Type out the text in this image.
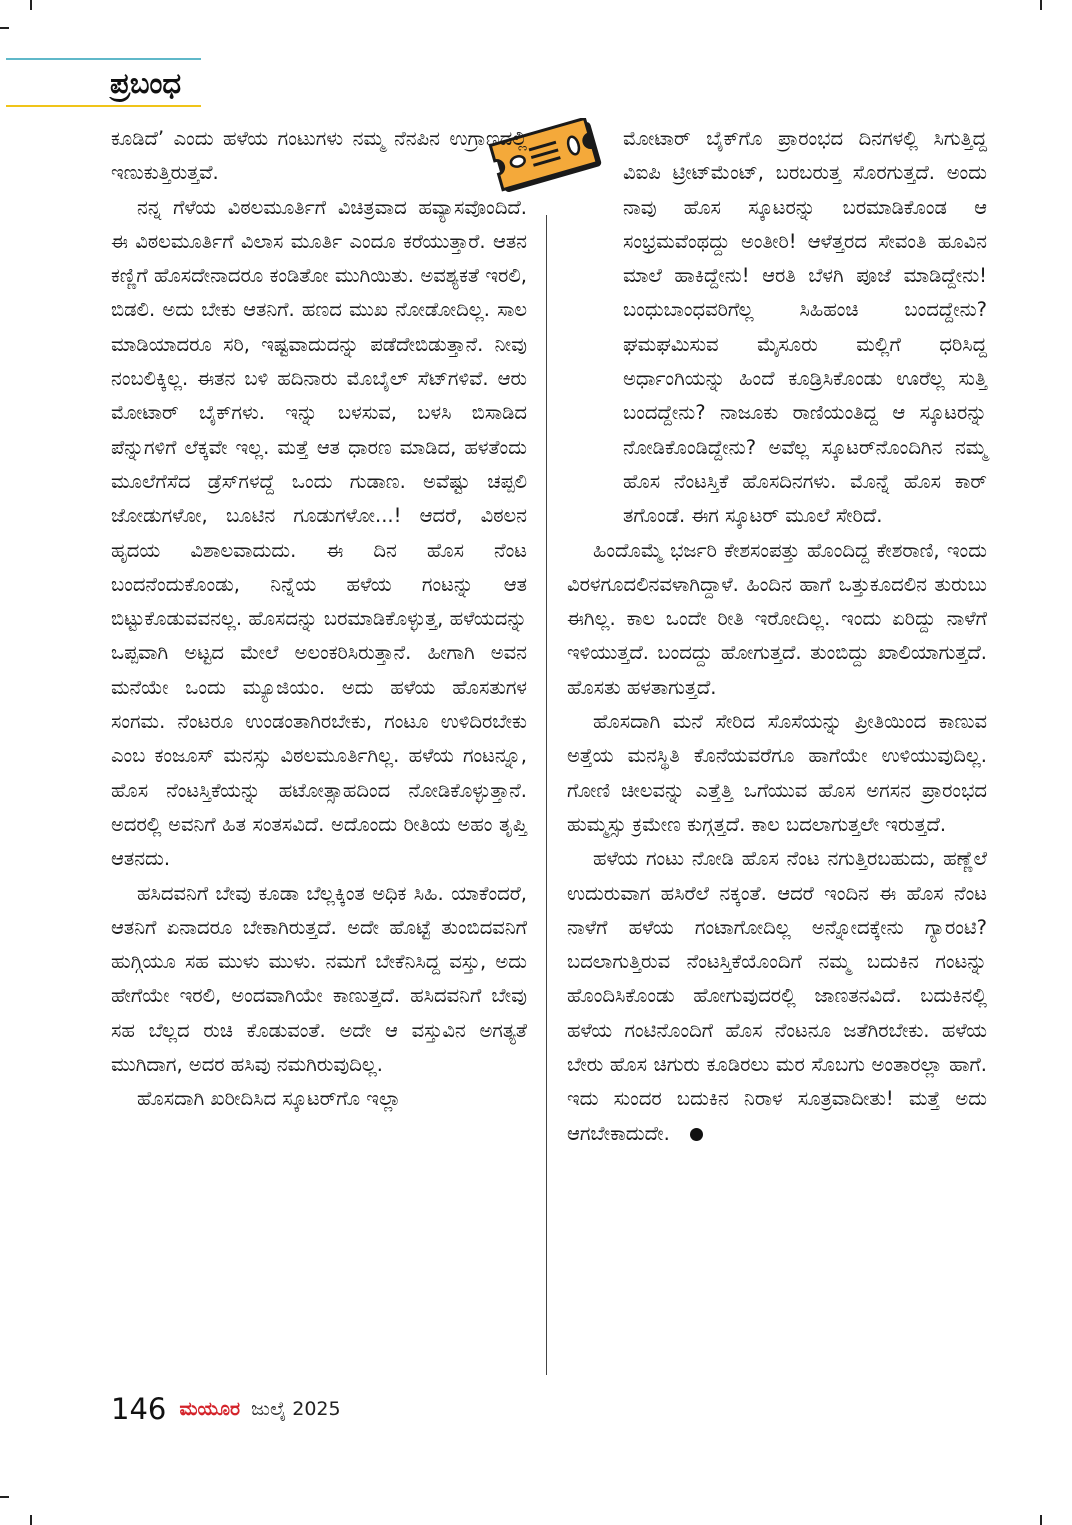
ಪ್ರಬಂಧ

ಕೂಡಿದೆ’ ಎಂದು ಹಳೆಯ ಗಂಟುಗಳು ನಮ್ಮ ನೆನಪಿನ ಉಗ್ರಾಣದಲ್ಲಿ ಇಣುಕುತ್ತಿರುತ್ತವೆ.

ನನ್ನ ಗೆಳೆಯ ವಿಠಲಮೂರ್ತಿಗೆ ವಿಚಿತ್ರವಾದ ಹವ್ಯಾಸವೊಂದಿದೆ. ಈ ವಿಠಲಮೂರ್ತಿಗೆ ವಿಲಾಸ ಮೂರ್ತಿ ಎಂದೂ ಕರೆಯುತ್ತಾರೆ. ಆತನ ಕಣ್ಣಿಗೆ ಹೊಸದೇನಾದರೂ ಕಂಡಿತೋ ಮುಗಿಯಿತು. ಅವಶ್ಯಕತೆ ಇರಲಿ, ಬಿಡಲಿ. ಅದು ಬೇಕು ಆತನಿಗೆ. ಹಣದ ಮುಖ ನೋಡೋದಿಲ್ಲ. ಸಾಲ ಮಾಡಿಯಾದರೂ ಸರಿ, ಇಷ್ಟವಾದುದನ್ನು ಪಡೆದೇಬಿಡುತ್ತಾನೆ. ನೀವು ನಂಬಲಿಕ್ಕಿಲ್ಲ. ಈತನ ಬಳಿ ಹದಿನಾರು ಮೊಬೈಲ್ ಸೆಟ್‌ಗಳಿವೆ. ಆರು ಮೋಟಾರ್ ಬೈಕ್‌ಗಳು. ಇನ್ನು ಬಳಸುವ, ಬಳಸಿ ಬಿಸಾಡಿದ ಪೆನ್ನುಗಳಿಗೆ ಲೆಕ್ಕವೇ ಇಲ್ಲ. ಮತ್ತೆ ಆತ ಧಾರಣ ಮಾಡಿದ, ಹಳತೆಂದು ಮೂಲೆಗೆಸೆದ ಡ್ರೆಸ್‌ಗಳದ್ದೆ ಒಂದು ಗುಡಾಣ. ಅವೆಷ್ಟು ಚಪ್ಪಲಿ ಜೋಡುಗಳೋ, ಬೂಟಿನ ಗೂಡುಗಳೋ...! ಆದರೆ, ವಿಠಲನ ಹೃದಯ ವಿಶಾಲವಾದುದು. ಈ ದಿನ ಹೊಸ ನೆಂಟ ಬಂದನೆಂದುಕೊಂಡು, ನಿನ್ನೆಯ ಹಳೆಯ ಗಂಟನ್ನು ಆತ ಬಿಟ್ಟುಕೊಡುವವನಲ್ಲ. ಹೊಸದನ್ನು ಬರಮಾಡಿಕೊಳ್ಳುತ್ತ, ಹಳೆಯದನ್ನು ಒಪ್ಪವಾಗಿ ಅಟ್ಟದ ಮೇಲೆ ಅಲಂಕರಿಸಿರುತ್ತಾನೆ. ಹೀಗಾಗಿ ಅವನ ಮನೆಯೇ ಒಂದು ಮ್ಯೂಜಿಯಂ. ಅದು ಹಳೆಯ ಹೊಸತುಗಳ ಸಂಗಮ. ನೆಂಟರೂ ಉಂಡಂತಾಗಿರಬೇಕು, ಗಂಟೂ ಉಳಿದಿರಬೇಕು ಎಂಬ ಕಂಜೂಸ್ ಮನಸ್ಸು ವಿಠಲಮೂರ್ತಿಗಿಲ್ಲ. ಹಳೆಯ ಗಂಟನ್ನೂ, ಹೊಸ ನೆಂಟಸ್ತಿಕೆಯನ್ನು ಹಟೋತ್ಸಾಹದಿಂದ ನೋಡಿಕೊಳ್ಳುತ್ತಾನೆ. ಅದರಲ್ಲಿ ಅವನಿಗೆ ಹಿತ ಸಂತಸವಿದೆ. ಅದೊಂದು ರೀತಿಯ ಅಹಂ ತೃಪ್ತಿ ಆತನದು.

ಹಸಿದವನಿಗೆ ಬೇವು ಕೂಡಾ ಬೆಲ್ಲಕ್ಕಿಂತ ಅಧಿಕ ಸಿಹಿ. ಯಾಕೆಂದರೆ, ಆತನಿಗೆ ಏನಾದರೂ ಬೇಕಾಗಿರುತ್ತದೆ. ಅದೇ ಹೊಟ್ಟೆ ತುಂಬಿದವನಿಗೆ ಹುಗ್ಗಿಯೂ ಸಹ ಮುಳು ಮುಳು. ನಮಗೆ ಬೇಕೆನಿಸಿದ್ದ ವಸ್ತು, ಅದು ಹೇಗೆಯೇ ಇರಲಿ, ಅಂದವಾಗಿಯೇ ಕಾಣುತ್ತದೆ. ಹಸಿದವನಿಗೆ ಬೇವು ಸಹ ಬೆಲ್ಲದ ರುಚಿ ಕೊಡುವಂತೆ. ಅದೇ ಆ ವಸ್ತುವಿನ ಅಗತ್ಯತೆ ಮುಗಿದಾಗ, ಅದರ ಹಸಿವು ನಮಗಿರುವುದಿಲ್ಲ.

ಹೊಸದಾಗಿ ಖರೀದಿಸಿದ ಸ್ಕೂಟರ್‌ಗೊ ಇಲ್ಲಾ

ಮೋಟಾರ್ ಬೈಕ್‌ಗೊ ಪ್ರಾರಂಭದ ದಿನಗಳಲ್ಲಿ ಸಿಗುತ್ತಿದ್ದ ವಿಐಪಿ ಟ್ರೀಟ್‌ಮೆಂಟ್, ಬರಬರುತ್ತ ಸೊರಗುತ್ತದೆ. ಅಂದು ನಾವು ಹೊಸ ಸ್ಕೂಟರನ್ನು ಬರಮಾಡಿಕೊಂಡ ಆ ಸಂಭ್ರಮವೆಂಥದ್ದು ಅಂತೀರಿ! ಆಳೆತ್ತರದ ಸೇವಂತಿ ಹೂವಿನ ಮಾಲೆ ಹಾಕಿದ್ದೇನು! ಆರತಿ ಬೆಳಗಿ ಪೂಜೆ ಮಾಡಿದ್ದೇನು! ಬಂಧುಬಾಂಧವರಿಗೆಲ್ಲ ಸಿಹಿಹಂಚಿ ಬಂದದ್ದೇನು? ಘಮಘಮಿಸುವ ಮೈಸೂರು ಮಲ್ಲಿಗೆ ಧರಿಸಿದ್ದ ಅರ್ಧಾಂಗಿಯನ್ನು ಹಿಂದೆ ಕೂಡ್ರಿಸಿಕೊಂಡು ಊರೆಲ್ಲ ಸುತ್ತಿ ಬಂದದ್ದೇನು? ನಾಜೂಕು ರಾಣಿಯಂತಿದ್ದ ಆ ಸ್ಕೂಟರನ್ನು ನೋಡಿಕೊಂಡಿದ್ದೇನು? ಅವೆಲ್ಲ ಸ್ಕೂಟರ್‌ನೊಂದಿಗಿನ ನಮ್ಮ ಹೊಸ ನೆಂಟಸ್ತಿಕೆ ಹೊಸದಿನಗಳು. ಮೊನ್ನೆ ಹೊಸ ಕಾರ್ ತಗೊಂಡೆ. ಈಗ ಸ್ಕೂಟರ್ ಮೂಲೆ ಸೇರಿದೆ.

ಹಿಂದೊಮ್ಮೆ ಭರ್ಜರಿ ಕೇಶಸಂಪತ್ತು ಹೊಂದಿದ್ದ ಕೇಶರಾಣಿ, ಇಂದು ವಿರಳಗೂದಲಿನವಳಾಗಿದ್ದಾಳೆ. ಹಿಂದಿನ ಹಾಗೆ ಒತ್ತುಕೂದಲಿನ ತುರುಬು ಈಗಿಲ್ಲ. ಕಾಲ ಒಂದೇ ರೀತಿ ಇರೋದಿಲ್ಲ. ಇಂದು ಏರಿದ್ದು ನಾಳೆಗೆ ಇಳಿಯುತ್ತದೆ. ಬಂದದ್ದು ಹೋಗುತ್ತದೆ. ತುಂಬಿದ್ದು ಖಾಲಿಯಾಗುತ್ತದೆ. ಹೊಸತು ಹಳತಾಗುತ್ತದೆ.

ಹೊಸದಾಗಿ ಮನೆ ಸೇರಿದ ಸೊಸೆಯನ್ನು ಪ್ರೀತಿಯಿಂದ ಕಾಣುವ ಅತ್ತೆಯ ಮನಸ್ಥಿತಿ ಕೊನೆಯವರೆಗೂ ಹಾಗೆಯೇ ಉಳಿಯುವುದಿಲ್ಲ. ಗೋಣಿ ಚೀಲವನ್ನು ಎತ್ತೆತ್ತಿ ಒಗೆಯುವ ಹೊಸ ಅಗಸನ ಪ್ರಾರಂಭದ ಹುಮ್ಮಸ್ಸು ಕ್ರಮೇಣ ಕುಗ್ಗತ್ತದೆ. ಕಾಲ ಬದಲಾಗುತ್ತಲೇ ಇರುತ್ತದೆ.

ಹಳೆಯ ಗಂಟು ನೋಡಿ ಹೊಸ ನೆಂಟ ನಗುತ್ತಿರಬಹುದು, ಹಣ್ಣೆಲೆ ಉದುರುವಾಗ ಹಸಿರೆಲೆ ನಕ್ಕಂತೆ. ಆದರೆ ಇಂದಿನ ಈ ಹೊಸ ನೆಂಟ ನಾಳೆಗೆ ಹಳೆಯ ಗಂಟಾಗೋದಿಲ್ಲ ಅನ್ನೋದಕ್ಕೇನು ಗ್ಯಾರಂಟಿ? ಬದಲಾಗುತ್ತಿರುವ ನೆಂಟಸ್ತಿಕೆಯೊಂದಿಗೆ ನಮ್ಮ ಬದುಕಿನ ಗಂಟನ್ನು ಹೊಂದಿಸಿಕೊಂಡು ಹೋಗುವುದರಲ್ಲಿ ಜಾಣತನವಿದೆ. ಬದುಕಿನಲ್ಲಿ ಹಳೆಯ ಗಂಟಿನೊಂದಿಗೆ ಹೊಸ ನೆಂಟನೂ ಜತೆಗಿರಬೇಕು. ಹಳೆಯ ಬೇರು ಹೊಸ ಚಿಗುರು ಕೂಡಿರಲು ಮರ ಸೊಬಗು ಅಂತಾರಲ್ಲಾ ಹಾಗೆ. ಇದು ಸುಂದರ ಬದುಕಿನ ನಿರಾಳ ಸೂತ್ರವಾದೀತು! ಮತ್ತೆ ಅದು ಆಗಬೇಕಾದುದೇ.

146 ಮಯೂರ ಜುಲೈ 2025
